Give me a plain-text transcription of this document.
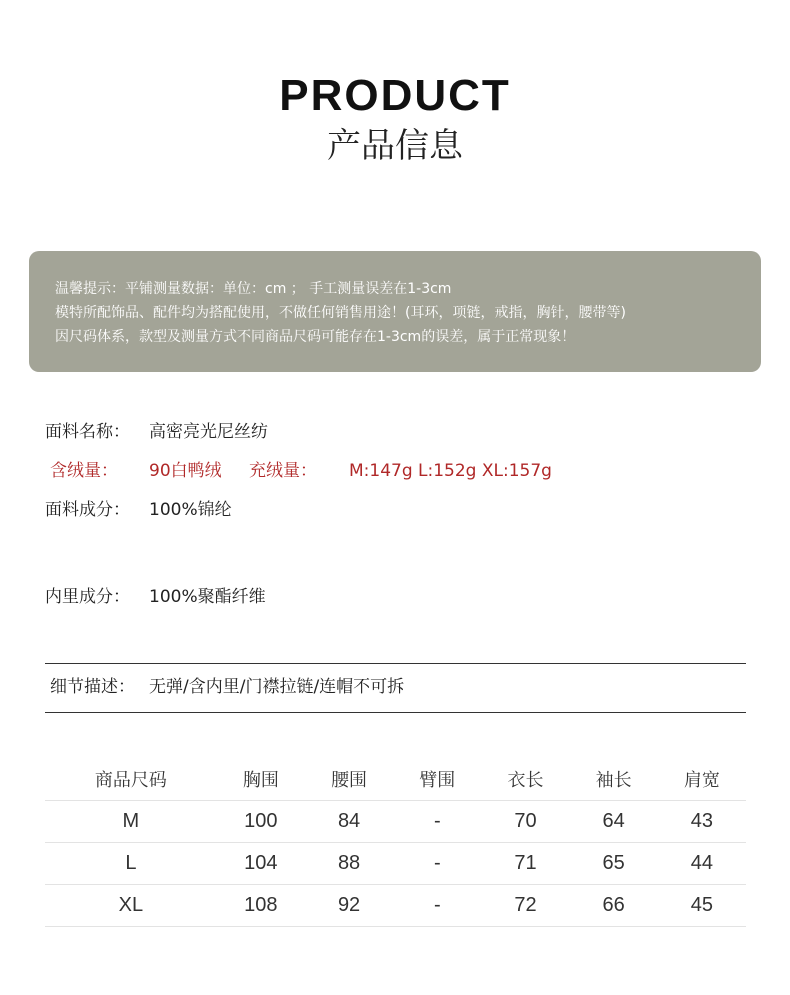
PRODUCT
产品信息
温馨提示：平铺测量数据：单位：cm ； 手工测量误差在1-3cm
模特所配饰品、配件均为搭配使用，不做任何销售用途！(耳环，项链，戒指，胸针，腰带等)
因尺码体系，款型及测量方式不同商品尺码可能存在1-3cm的误差，属于正常现象！
面料名称： 高密亮光尼丝纺
含绒量： 90白鸭绒 充绒量： M:147g L:152g XL:157g
面料成分： 100%锦纶
内里成分： 100%聚酯纤维
细节描述： 无弹/含内里/门襟拉链/连帽不可拆
商品尺码	胸围	腰围	臂围	衣长	袖长	肩宽
M	100	84	-	70	64	43
L	104	88	-	71	65	44
XL	108	92	-	72	66	45
